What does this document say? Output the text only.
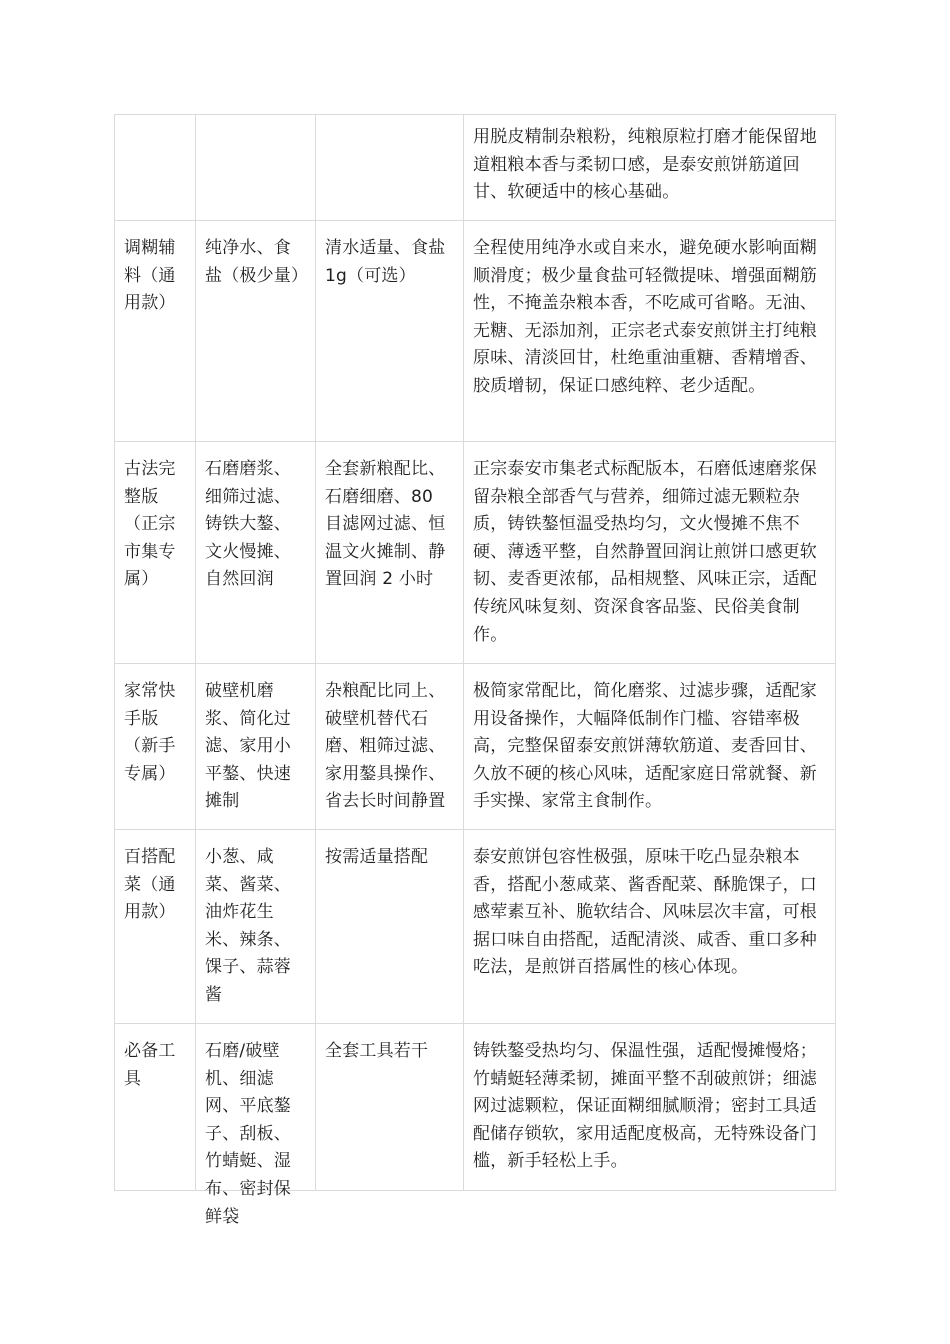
			用脱皮精制杂粮粉，纯粮原粒打磨才能保留地道粗粮本香与柔韧口感，是泰安煎饼筋道回甘、软硬适中的核心基础。
调糊辅料（通用款）	纯净水、食盐（极少量）	清水适量、食盐 1g（可选）	全程使用纯净水或自来水，避免硬水影响面糊顺滑度；极少量食盐可轻微提味、增强面糊筋性，不掩盖杂粮本香，不吃咸可省略。无油、无糖、无添加剂，正宗老式泰安煎饼主打纯粮原味、清淡回甘，杜绝重油重糖、香精增香、胶质增韧，保证口感纯粹、老少适配。
古法完整版（正宗市集专属）	石磨磨浆、细筛过滤、铸铁大鏊、文火慢摊、自然回润	全套新粮配比、石磨细磨、80 目滤网过滤、恒温文火摊制、静置回润 2 小时	正宗泰安市集老式标配版本，石磨低速磨浆保留杂粮全部香气与营养，细筛过滤无颗粒杂质，铸铁鏊恒温受热均匀，文火慢摊不焦不硬、薄透平整，自然静置回润让煎饼口感更软韧、麦香更浓郁，品相规整、风味正宗，适配传统风味复刻、资深食客品鉴、民俗美食制作。
家常快手版（新手专属）	破壁机磨浆、简化过滤、家用小平鏊、快速摊制	杂粮配比同上、破壁机替代石磨、粗筛过滤、家用鏊具操作、省去长时间静置	极简家常配比，简化磨浆、过滤步骤，适配家用设备操作，大幅降低制作门槛、容错率极高，完整保留泰安煎饼薄软筋道、麦香回甘、久放不硬的核心风味，适配家庭日常就餐、新手实操、家常主食制作。
百搭配菜（通用款）	小葱、咸菜、酱菜、油炸花生米、辣条、馃子、蒜蓉酱	按需适量搭配	泰安煎饼包容性极强，原味干吃凸显杂粮本香，搭配小葱咸菜、酱香配菜、酥脆馃子，口感荤素互补、脆软结合、风味层次丰富，可根据口味自由搭配，适配清淡、咸香、重口多种吃法，是煎饼百搭属性的核心体现。

必备工具	石磨/破壁机、细滤网、平底鏊子、刮板、竹蜻蜓、湿布、密封保鲜袋	全套工具若干	铸铁鏊受热均匀、保温性强，适配慢摊慢烙；竹蜻蜓轻薄柔韧，摊面平整不刮破煎饼；细滤网过滤颗粒，保证面糊细腻顺滑；密封工具适配储存锁软，家用适配度极高，无特殊设备门槛，新手轻松上手。
